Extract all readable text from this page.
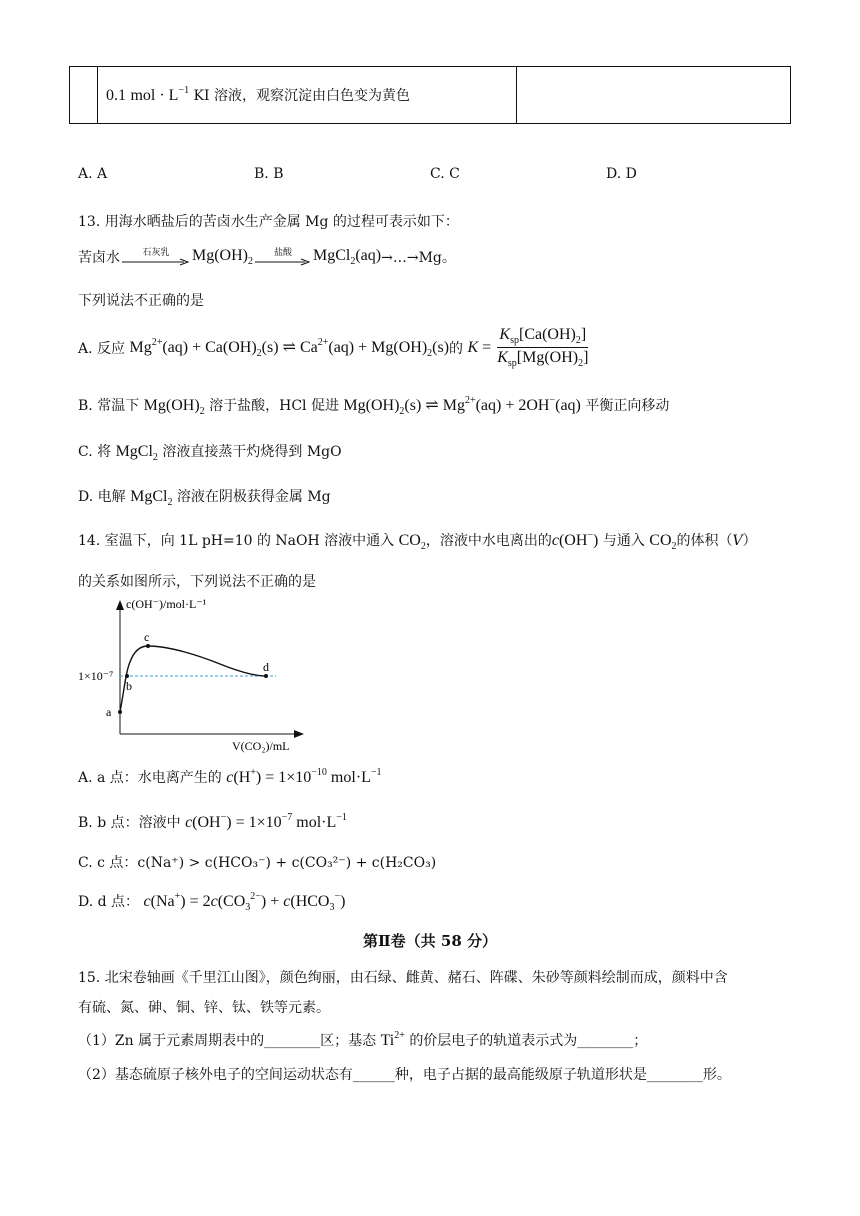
	0.1 mol · $L^{-1}$ KI 溶液，观察沉淀由白色变为黄色	
A. A	B. B	C. C	D. D
13. 用海水晒盐后的苦卤水生产金属 Mg 的过程可表示如下：
苦卤水 石灰乳 $Mg(OH)_2$
盐酸 MgCl$_2$(aq) →…→Mg。
下列说法不正确的是
A. 反应
$Mg^{2+}(aq) + Ca(OH)_2(s)$ ⇌ $Ca^{2+}(aq) + Mg(OH)_2(s)$ 的
$K = \frac{K_{sp}[Ca(OH)_2]}{K_{sp}[Mg(OH)_2]}$
B. 常温下 $Mg(OH)_2$ 溶于盐酸，HCl 促进 $Mg(OH)_2(s)$ ⇌ $Mg^{2+}(aq) + 2OH^-(aq)$ 平衡正向移动
C. 将 MgCl$_2$ 溶液直接蒸干灼烧得到 MgO
D. 电解 MgCl$_2$ 溶液在阴极获得金属 Mg
14. 室温下，向 1L pH=10 的 NaOH 溶液中通入 $CO_2$，溶液中水电离出的c(OH−) 与通入 $CO_2$的体积（V）
的关系如图所示，下列说法不正确的是
a
b
c
d
1×10⁻⁷
c(OH⁻)/mol·L⁻¹
V(CO₂)/mL
A. a 点：水电离产生的 $c(H^+) = 1\times 10^{-10}$ $mol\cdot L^{-1}$
B. b 点：溶液中 $c(OH^-) = 1\times 10^{-7}$ $mol\cdot L^{-1}$
C. c 点：c(Na⁺) > c(HCO₃⁻) + c(CO₃²⁻) + c(H₂CO₃)
D. d 点： $c(Na^+) = 2c(CO_3^{2-}) + c(HCO_3^-)$
第Ⅱ卷（共 58 分）
15. 北宋卷轴画《千里江山图》，颜色绚丽，由石绿、雌黄、赭石、阵碟、朱砂等颜料绘制而成，颜料中含
有硫、氮、砷、铜、锌、钛、铁等元素。
（1）Zn 属于元素周期表中的________区；基态 $Ti^{2+}$ 的价层电子的轨道表示式为________；
（2）基态硫原子核外电子的空间运动状态有______种，电子占据的最高能级原子轨道形状是________形。
